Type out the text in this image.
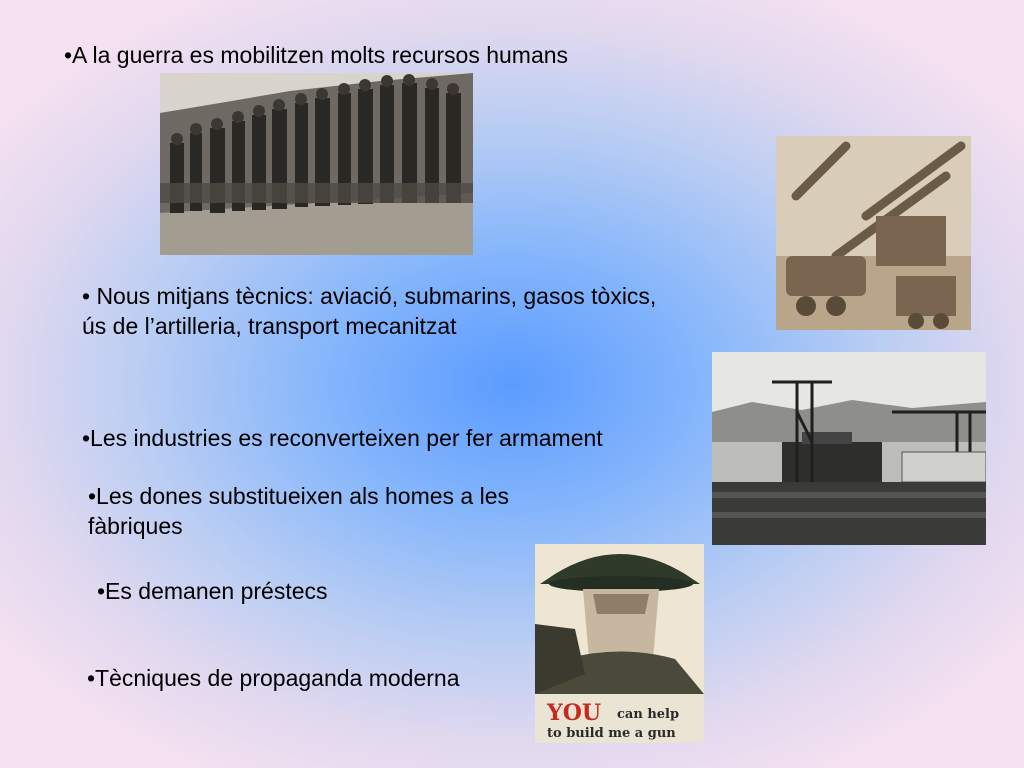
•A la guerra es mobilitzen molts recursos humans

• Nous mitjans tècnics: aviació, submarins, gasos tòxics, ús de l’artilleria, transport mecanitzat

•Les industries es reconverteixen per fer armament

•Les dones substitueixen als homes a les fàbriques

•Es demanen préstecs

•Tècniques de propaganda moderna

YOU can help
to build me a gun
